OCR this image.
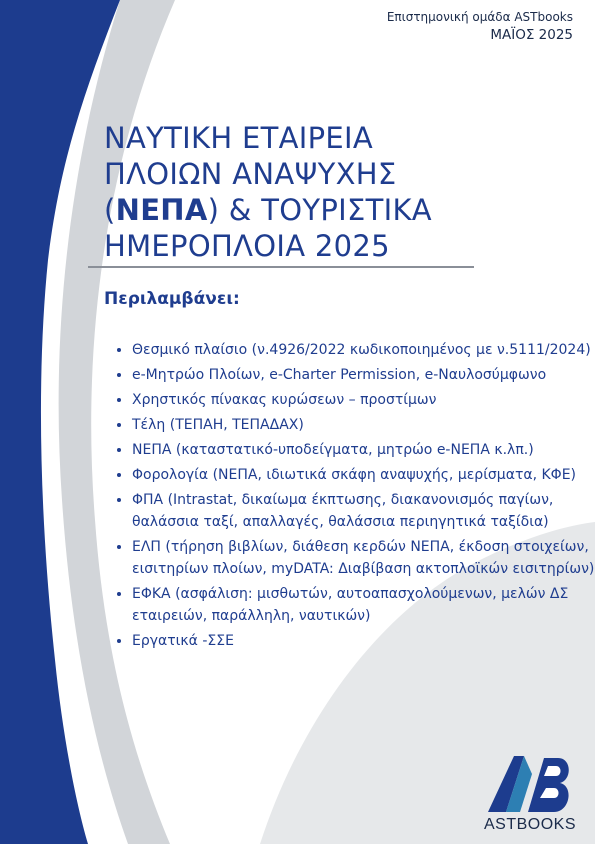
Επιστημονική ομάδα ASTbooks
ΜΑΪΟΣ 2025
ΝΑΥΤΙΚΗ ΕΤΑΙΡΕΙΑ
ΠΛΟΙΩΝ ΑΝΑΨΥΧΗΣ
(ΝΕΠΑ) & ΤΟΥΡΙΣΤΙΚΑ
ΗΜΕΡΟΠΛΟΙΑ 2025
Περιλαμβάνει:
• Θεσμικό πλαίσιο (ν.4926/2022 κωδικοποιημένος με ν.5111/2024)
• e-Μητρώο Πλοίων, e-Charter Permission, e-Ναυλοσύμφωνο
• Χρηστικός πίνακας κυρώσεων – προστίμων
• Τέλη (ΤΕΠΑΗ, ΤΕΠΑΔΑΧ)
• ΝΕΠΑ (καταστατικό-υποδείγματα, μητρώο e-ΝΕΠΑ κ.λπ.)
• Φορολογία (ΝΕΠΑ, ιδιωτικά σκάφη αναψυχής, μερίσματα, ΚΦΕ)
• ΦΠΑ (Intrastat, δικαίωμα έκπτωσης, διακανονισμός παγίων, θαλάσσια ταξί, απαλλαγές, θαλάσσια περιηγητικά ταξίδια)
• ΕΛΠ (τήρηση βιβλίων, διάθεση κερδών ΝΕΠΑ, έκδοση στοιχείων, εισιτηρίων πλοίων, myDATA: Διαβίβαση ακτοπλοϊκών εισιτηρίων)
• ΕΦΚΑ (ασφάλιση: μισθωτών, αυτοαπασχολούμενων, μελών ΔΣ εταιρειών, παράλληλη, ναυτικών)
• Εργατικά -ΣΣΕ
ASTBOOKS
